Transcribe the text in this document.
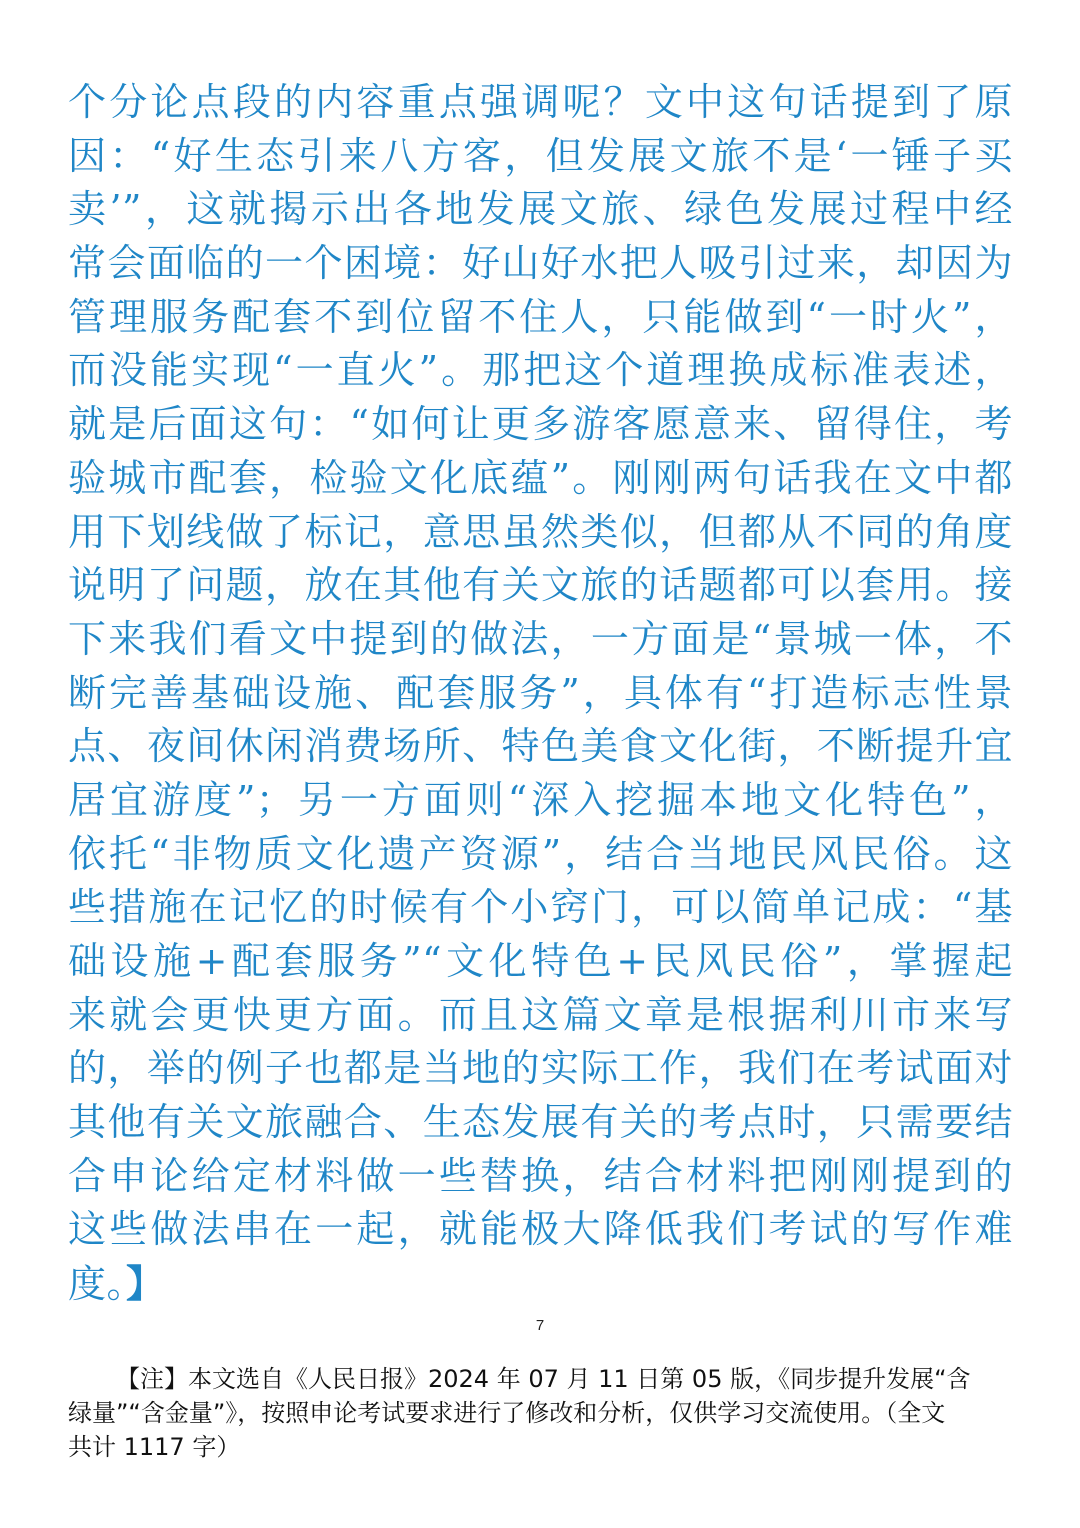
个分论点段的内容重点强调呢？文中这句话提到了原
因：“好生态引来八方客，但发展文旅不是‘一锤子买
卖’”，这就揭示出各地发展文旅、绿色发展过程中经
常会面临的一个困境：好山好水把人吸引过来，却因为
管理服务配套不到位留不住人，只能做到“一时火”，
而没能实现“一直火”。那把这个道理换成标准表述，
就是后面这句：“如何让更多游客愿意来、留得住，考
验城市配套，检验文化底蕴”。刚刚两句话我在文中都
用下划线做了标记，意思虽然类似，但都从不同的角度
说明了问题，放在其他有关文旅的话题都可以套用。接
下来我们看文中提到的做法，一方面是“景城一体，不
断完善基础设施、配套服务”，具体有“打造标志性景
点、夜间休闲消费场所、特色美食文化街，不断提升宜
居宜游度”；另一方面则“深入挖掘本地文化特色”，
依托“非物质文化遗产资源”，结合当地民风民俗。这
些措施在记忆的时候有个小窍门，可以简单记成：“基
础设施+配套服务”“文化特色+民风民俗”，掌握起
来就会更快更方面。而且这篇文章是根据利川市来写
的，举的例子也都是当地的实际工作，我们在考试面对
其他有关文旅融合、生态发展有关的考点时，只需要结
合申论给定材料做一些替换，结合材料把刚刚提到的
这些做法串在一起，就能极大降低我们考试的写作难
度。】
7
【注】本文选自《人民日报》2024 年 07 月 11 日第 05 版，《同步提升发展“含
绿量”“含金量”》，按照申论考试要求进行了修改和分析，仅供学习交流使用。（全文
共计 1117 字）
